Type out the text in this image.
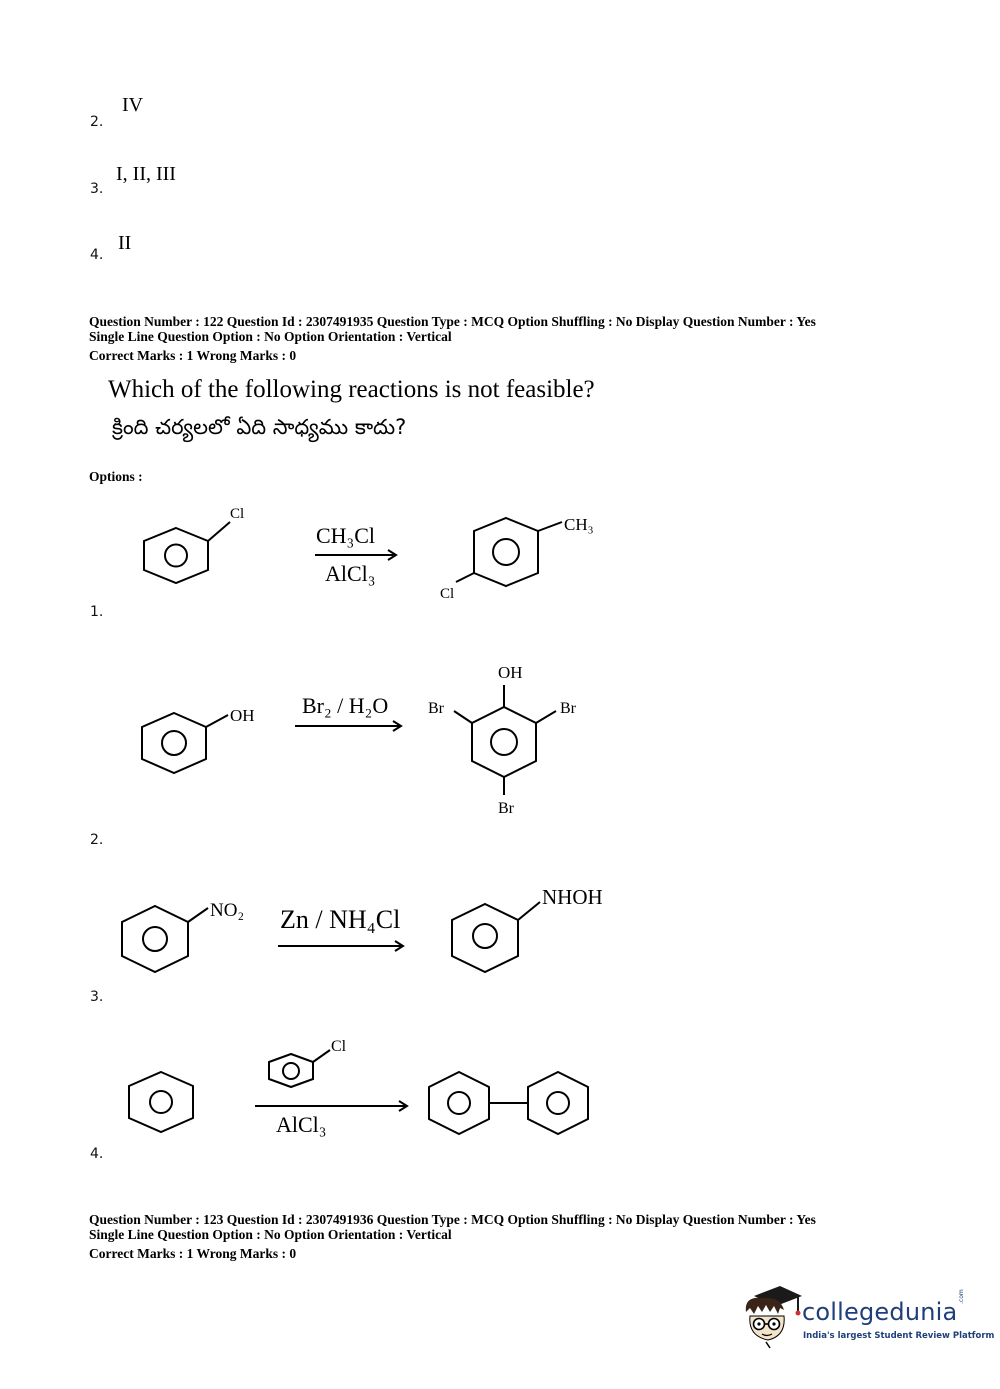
2.
IV
3.
I, II, III
4.
II
Question Number : 122 Question Id : 2307491935 Question Type : MCQ Option Shuffling : No Display Question Number : Yes
Single Line Question Option : No Option Orientation : Vertical
Correct Marks : 1 Wrong Marks : 0
Which of the following reactions is not feasible?
క్రింది చర్యలలో ఏది సాధ్యము కాదు?
Options :
1.
Cl
CH₃Cl
AlCl₃
CH₃
Cl
2.
OH Br₂ / H₂O
OH
Br	Br
Br
3.
NO₂ Zn / NH₄Cl
NHOH
4.
Cl
AlCl₃
Question Number : 123 Question Id : 2307491936 Question Type : MCQ Option Shuffling : No Display Question Number : Yes
Single Line Question Option : No Option Orientation : Vertical
Correct Marks : 1 Wrong Marks : 0
collegedunia
.com
India's largest Student Review Platform
